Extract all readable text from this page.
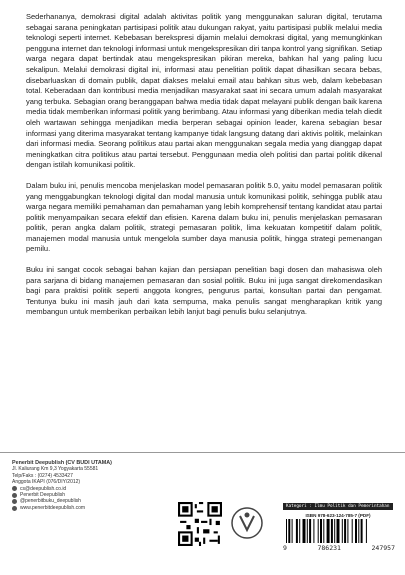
Sederhananya, demokrasi digital adalah aktivitas politik yang menggunakan saluran digital, terutama sebagai sarana peningkatan partisipasi politik atau dukungan rakyat, yaitu partisipasi publik melalui media teknologi seperti internet. Kebebasan berekspresi dijamin melalui demokrasi digital, yang memungkinkan pengguna internet dan teknologi informasi untuk mengekspresikan diri tanpa kontrol yang signifikan. Setiap warga negara dapat bertindak atau mengekspresikan pikiran mereka, bahkan hal yang paling lucu sekalipun. Melalui demokrasi digital ini, informasi atau penelitian politik dapat dihasilkan secara bebas, disebarluaskan di domain publik, dapat diakses melalui email atau bahkan situs web, dalam kebebasan total. Keberadaan dan kontribusi media menjadikan masyarakat saat ini secara umum adalah masyarakat yang terbuka. Sebagian orang beranggapan bahwa media tidak dapat melayani publik dengan baik karena media tidak memberikan informasi politik yang berimbang. Atau informasi yang diberikan media telah diedit oleh wartawan sehingga menjadikan media berperan sebagai opinion leader, karena sebagian besar informasi yang diterima masyarakat tentang kampanye tidak langsung datang dari aktivis politik, melainkan dari informasi media. Seorang politikus atau partai akan menggunakan segala media yang dianggap dapat meningkatkan citra politikus atau partai tersebut. Penggunaan media oleh politisi dan partai politik dikenal dengan istilah komunikasi politik.

Dalam buku ini, penulis mencoba menjelaskan model pemasaran politik 5.0, yaitu model pemasaran politik yang menggabungkan teknologi digital dan modal manusia untuk komunikasi politik, sehingga publik atau warga negara memiliki pemahaman dan pemahaman yang lebih komprehensif tentang kandidat atau partai politik menyampaikan secara efektif dan efisien. Karena dalam buku ini, penulis menjelaskan pemasaran politik, peran angka dalam politik, strategi pemasaran politik, lima kekuatan kompetitif dalam politik, manajemen modal manusia untuk mengelola sumber daya manusia politik, hingga strategi pemenangan pemilu.

Buku ini sangat cocok sebagai bahan kajian dan persiapan penelitian bagi dosen dan mahasiswa oleh para sarjana di bidang manajemen pemasaran dan sosial politik. Buku ini juga sangat direkomendasikan bagi para praktisi politik seperti anggota kongres, pengurus partai, konsultan partai dan pengamat. Tentunya buku ini masih jauh dari kata sempurna, maka penulis sangat mengharapkan kritik yang membangun untuk memberikan perbaikan lebih lanjut bagi penulis buku selanjutnya.

Penerbit Deepublish (CV BUDI UTAMA)
Jl. Kaliurang Km 9,3 Yogyakarta 55581
Telp/Faks : (0274) 4533427
Anggota IKAPI (076/DIY/2012)
cs@deepublish.co.id
Penerbit Deepublish
@penerbitbuku_deepublish
www.penerbitdeepublish.com	Kategori : Ilmu Politik dan Pemerintahan
ISBN 978-623-124-785-7 (PDF)
9	786231	247957
